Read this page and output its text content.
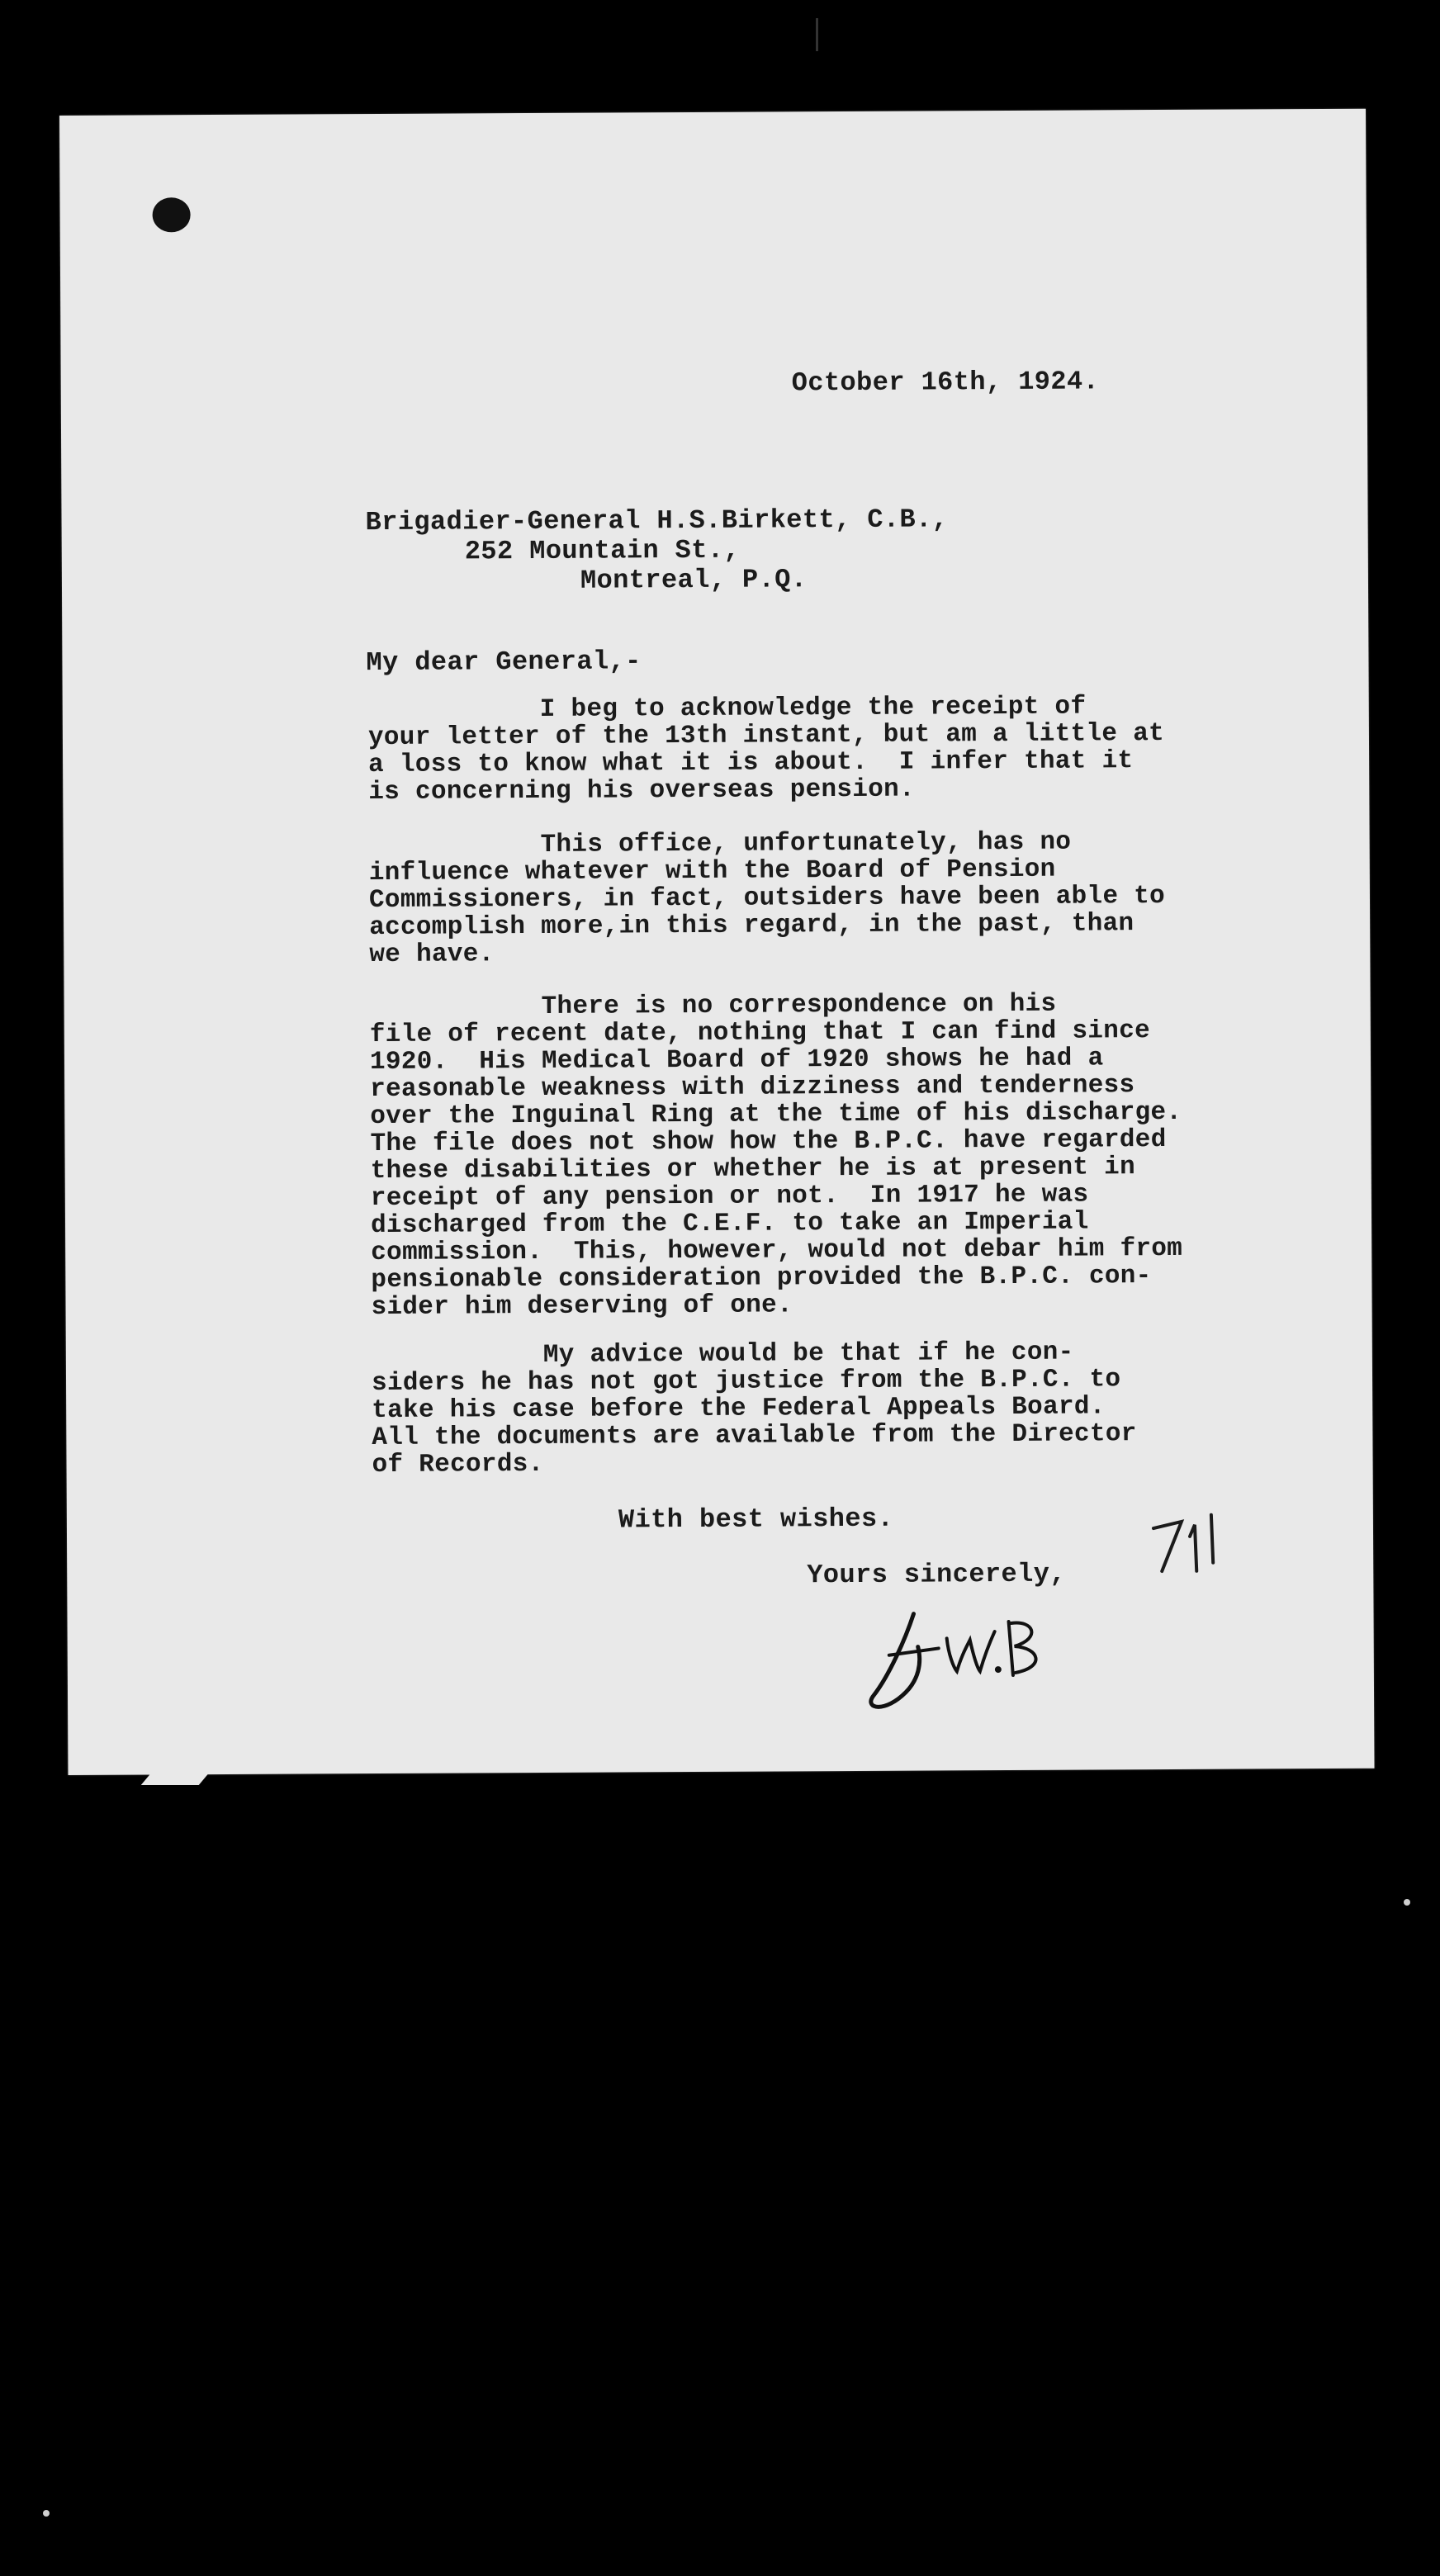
October 16th, 1924.
Brigadier-General H.S.Birkett, C.B.,
252 Mountain St.,
Montreal, P.Q.
My dear General,-
I beg to acknowledge the receipt of
your letter of the 13th instant, but am a little at
a loss to know what it is about.  I infer that it
is concerning his overseas pension.
This office, unfortunately, has no
influence whatever with the Board of Pension
Commissioners, in fact, outsiders have been able to
accomplish more,in this regard, in the past, than
we have.
There is no correspondence on his
file of recent date, nothing that I can find since
1920.  His Medical Board of 1920 shows he had a
reasonable weakness with dizziness and tenderness
over the Inguinal Ring at the time of his discharge.
The file does not show how the B.P.C. have regarded
these disabilities or whether he is at present in
receipt of any pension or not.  In 1917 he was
discharged from the C.E.F. to take an Imperial
commission.  This, however, would not debar him from
pensionable consideration provided the B.P.C. con-
sider him deserving of one.
My advice would be that if he con-
siders he has not got justice from the B.P.C. to
take his case before the Federal Appeals Board.
All the documents are available from the Director
of Records.
With best wishes.
Yours sincerely,
